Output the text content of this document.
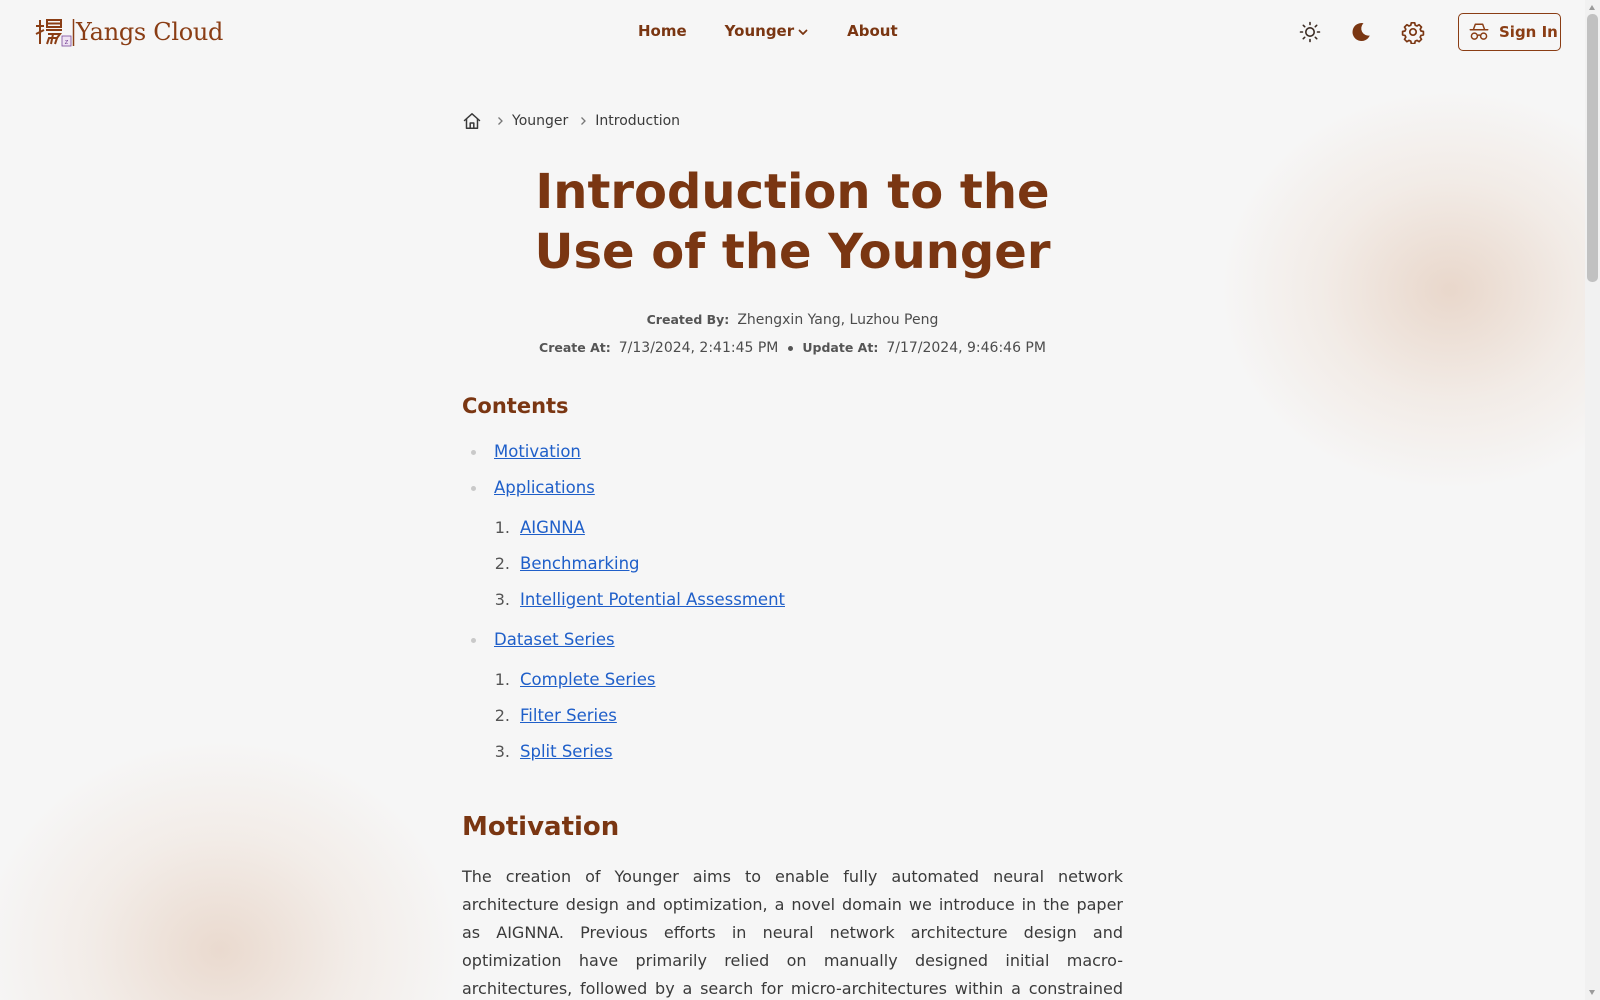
z Yangs Cloud	Home	Younger	About	Sign In
Younger Introduction
Introduction to the Use of the Younger
Created By: Zhengxin Yang, Luzhou Peng
Create At: 7/13/2024, 2:41:45 PM Update At: 7/17/2024, 9:46:46 PM
Contents
Motivation
Applications
1. AIGNNA
2. Benchmarking
3. Intelligent Potential Assessment
Dataset Series
1. Complete Series
2. Filter Series
3. Split Series
Motivation
The creation of Younger aims to enable fully automated neural network
architecture design and optimization, a novel domain we introduce in the paper
as AIGNNA. Previous efforts in neural network architecture design and
optimization have primarily relied on manually designed initial macro-
architectures, followed by a search for micro-architectures within a constrained
